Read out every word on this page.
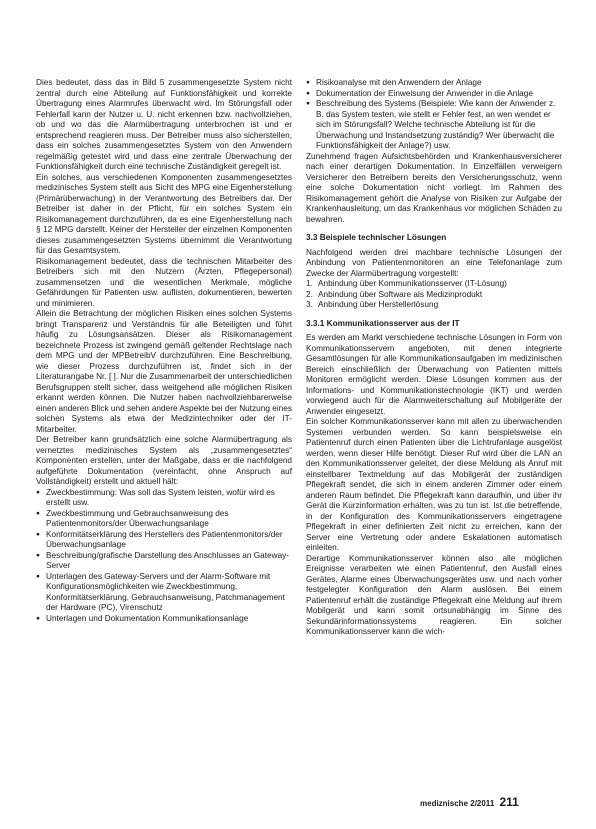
Dies bedeutet, dass das in Bild 5 zusammengesetzte System nicht zentral durch eine Abteilung auf Funktionsfähigkeit und korrekte Übertragung eines Alarmrufes überwacht wird. Im Störungsfall oder Fehlerfall kann der Nutzer u. U. nicht erkennen bzw. nachvollziehen, ob und wo das die Alarmübertragung unterbrochen ist und er entsprechend reagieren muss. Der Betreiber muss also sicherstellen, dass ein solches zusammengesetztes System von den Anwendern regelmäßig getestet wird und dass eine zentrale Überwachung der Funktionsfähigkeit durch eine technische Zuständigkeit geregelt ist.

Ein solches, aus verschiedenen Komponenten zusammengesetztes medizinisches System stellt aus Sicht des MPG eine Eigenherstellung (Primärüberwachung) in der Verantwortung des Betreibers dar. Der Betreiber ist daher in der Pflicht, für ein solches System ein Risikomanagement durchzuführen, da es eine Eigenherstellung nach § 12 MPG darstellt. Keiner der Hersteller der einzelnen Komponenten dieses zusammengesetzten Systems übernimmt die Verantwortung für das Gesamtsystem.

Risikomanagement bedeutet, dass die technischen Mitarbeiter des Betreibers sich mit den Nutzern (Ärzten, Pflegepersonal) zusammensetzen und die wesentlichen Merkmale, mögliche Gefährdungen für Patienten usw. auflisten, dokumentieren, bewerten und minimieren.

Allein die Betrachtung der möglichen Risiken eines solchen Systems bringt Transparenz und Verständnis für alle Beteiligten und führt häufig zu Lösungsansätzen. Dieser als Risikomanagement bezeichnete Prozess ist zwingend gemäß geltender Rechtslage nach dem MPG und der MPBetreibV durchzuführen. Eine Beschreibung, wie dieser Prozess durchzuführen ist, findet sich in der Literaturangabe Nr. [ ]. Nur die Zusammenarbeit der unterschiedlichen Berufsgruppen stellt sicher, dass weitgehend alle möglichen Risiken erkannt werden können. Die Nutzer haben nachvollziehbarerweise einen anderen Blick und sehen andere Aspekte bei der Nutzung eines solchen Systems als etwa der Medizintechniker oder der IT-Mitarbeiter.

Der Betreiber kann grundsätzlich eine solche Alarmübertragung als vernetztes medizinisches System als „zusammengesetztes“ Komponenten erstellen, unter der Maßgabe, dass er die nachfolgend aufgeführte Dokumentation (vereinfacht, ohne Anspruch auf Vollständigkeit) erstellt und aktuell hält:

● Zweckbestimmung: Was soll das System leisten, wofür wird es erstellt usw.
● Zweckbestimmung und Gebrauchsanweisung des Patientenmonitors/der Überwachungsanlage
● Konformitätserklärung des Herstellers des Patientenmonitors/der Überwachungsanlage
● Beschreibung/grafische Darstellung des Anschlusses an Gateway-Server
● Unterlagen des Gateway-Servers und der Alarm-Software mit Konfigurationsmöglichkeiten wie Zweckbestimmung, Konformitätserklärung, Gebrauchsanweisung, Patchmanagement der Hardware (PC), Virenschutz
● Unterlagen und Dokumentation Kommunikationsanlage
● Risikoanalyse mit den Anwendern der Anlage
● Dokumentation der Einweisung der Anwender in die Anlage
● Beschreibung des Systems (Beispiele: Wie kann der Anwender z. B. das System testen, wie stellt er Fehler fest, an wen wendet er sich im Störungsfall? Welche technische Abteilung ist für die Überwachung und Instandsetzung zuständig? Wer überwacht die Funktionsfähigkeit der Anlage?) usw.

Zunehmend fragen Aufsichtsbehörden und Krankenhausversicherer nach einer derartigen Dokumentation. In Einzelfällen verweigern Versicherer den Betreibern bereits den Versicherungsschutz, wenn eine solche Dokumentation nicht vorliegt. Im Rahmen des Risikomanagement gehört die Analyse von Risiken zur Aufgabe der Krankenhausleitung, um das Krankenhaus vor möglichen Schäden zu bewahren.

3.3 Beispiele technischer Lösungen

Nachfolgend werden drei machbare technische Lösungen der Anbindung von Patientenmonitoren an eine Telefonanlage zum Zwecke der Alarmübertragung vorgestellt:

1. Anbindung über Kommunikationsserver (IT-Lösung)
2. Anbindung über Software als Medizinprodukt
3. Anbindung über Herstellerlösung
3.3.1 Kommunikationsserver aus der IT

Es werden am Markt verschiedene technische Lösungen in Form von Kommunikationsservern angeboten, mit denen integrierte Gesamtlösungen für alle Kommunikationsaufgaben im medizinischen Bereich einschließlich der Überwachung von Patienten mittels Monitoren ermöglicht werden. Diese Lösungen kommen aus der Informations- und Kommunikationstechnologie (IKT) und werden vorwiegend auch für die Alarmweiterschaltung auf Mobilgeräte der Anwender eingesetzt.

Ein solcher Kommunikationsserver kann mit allen zu überwachenden Systemen verbunden werden. So kann beispielsweise ein Patientenruf durch einen Patienten über die Lichtrufanlage ausgelöst werden, wenn dieser Hilfe benötigt. Dieser Ruf wird über die LAN an den Kommunikationsserver geleitet, der diese Meldung als Anruf mit einstellbarer Textmeldung auf das Mobilgerät der zuständigen Pflegekraft sendet, die sich in einem anderen Zimmer oder einem anderen Raum befindet. Die Pflegekraft kann daraufhin, und über ihr Gerät die Kurzinformation erhalten, was zu tun ist. Ist die betreffende, in der Konfiguration des Kommunikationsservers eingetragene Pflegekraft in einer definierten Zeit nicht zu erreichen, kann der Server eine Vertretung oder andere Eskalationen automatisch einleiten.

Derartige Kommunikationsserver können also alle möglichen Ereignisse verarbeiten wie einen Patientenruf, den Ausfall eines Gerätes, Alarme eines Überwachungsgerätes usw. und nach vorher festgelegter Konfiguration den Alarm auslösen. Bei einem Patientenruf erhält die zuständige Pflegekraft eine Meldung auf ihrem Mobilgerät und kann somit ortsunabhängig im Sinne des Sekundärinformationssystems reagieren. Ein solcher Kommunikationsserver kann die wich-

mediznische 2/2011 211
